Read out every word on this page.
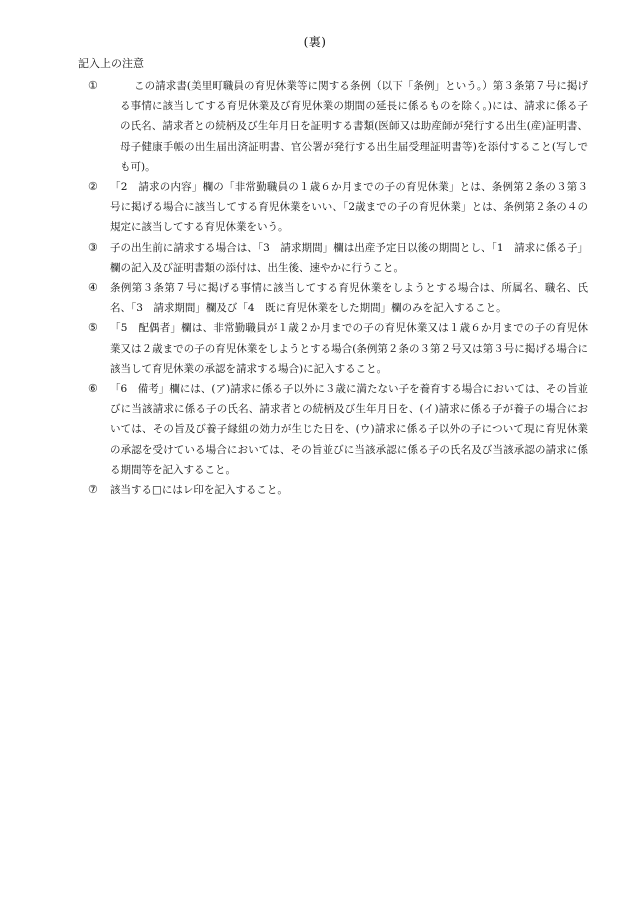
(裏)
記入上の注意
①	この請求書(美里町職員の育児休業等に関する条例（以下「条例」という。）第３条第７号に掲げる事情に該当してする育児休業及び育児休業の期間の延長に係るものを除く。)には、請求に係る子の氏名、請求者との続柄及び生年月日を証明する書類(医師又は助産師が発行する出生(産)証明書、母子健康手帳の出生届出済証明書、官公署が発行する出生届受理証明書等)を添付すること(写しでも可)。
② 「2　請求の内容」欄の「非常勤職員の１歳６か月までの子の育児休業」とは、条例第２条の３第３号に掲げる場合に該当してする育児休業をいい、「2歳までの子の育児休業」とは、条例第２条の４の規定に該当してする育児休業をいう。
③ 子の出生前に請求する場合は、「3　請求期間」欄は出産予定日以後の期間とし、「1　請求に係る子」欄の記入及び証明書類の添付は、出生後、速やかに行うこと。
④ 条例第３条第７号に掲げる事情に該当してする育児休業をしようとする場合は、所属名、職名、氏名、「3　請求期間」欄及び「4　既に育児休業をした期間」欄のみを記入すること。
⑤ 「5　配偶者」欄は、非常勤職員が１歳２か月までの子の育児休業又は１歳６か月までの子の育児休業又は２歳までの子の育児休業をしようとする場合(条例第２条の３第２号又は第３号に掲げる場合に該当して育児休業の承認を請求する場合)に記入すること。
⑥ 「6　備考」欄には、(ア)請求に係る子以外に３歳に満たない子を養育する場合においては、その旨並びに当該請求に係る子の氏名、請求者との続柄及び生年月日を、(イ)請求に係る子が養子の場合においては、その旨及び養子縁組の効力が生じた日を、(ウ)請求に係る子以外の子について現に育児休業の承認を受けている場合においては、その旨並びに当該承認に係る子の氏名及び当該承認の請求に係る期間等を記入すること。
⑦ 該当する□にはレ印を記入すること。
